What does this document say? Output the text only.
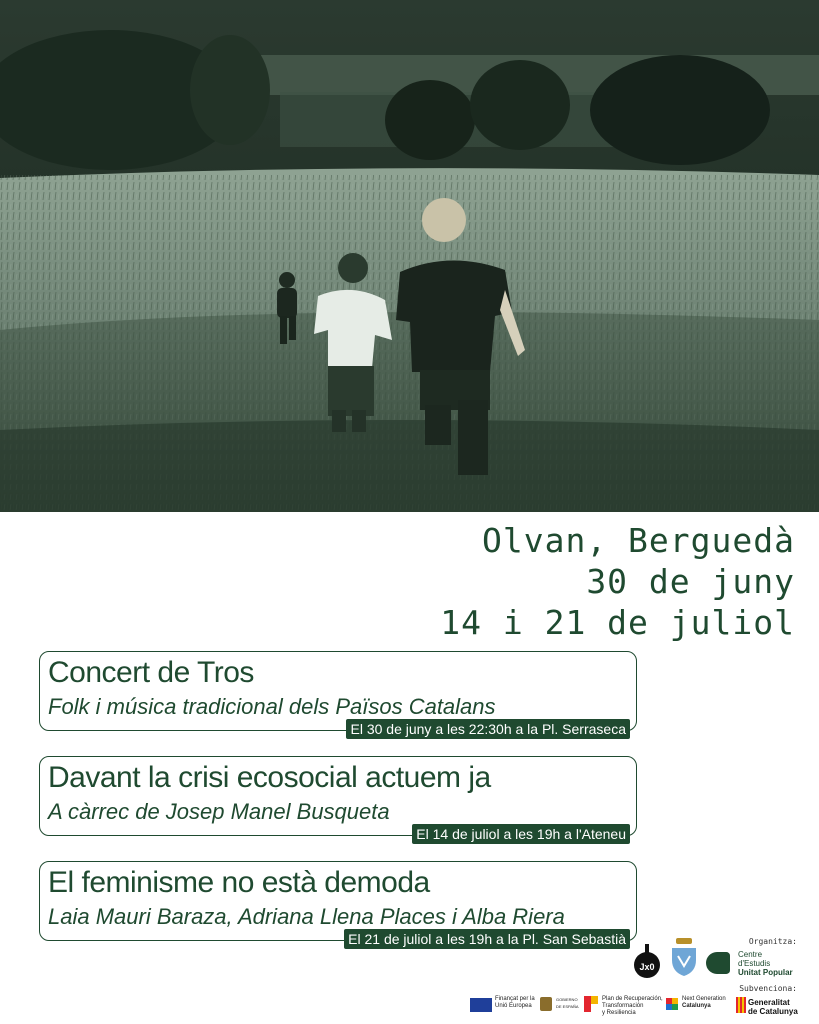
Olvan, Berguedà
30 de juny
14 i 21 de juliol
Concert de Tros
Folk i música tradicional dels Països Catalans
El 30 de juny a les 22:30h a la Pl. Serraseca
Davant la crisi ecosocial actuem ja
A càrrec de Josep Manel Busqueta
El 14 de juliol a les 19h a l'Ateneu
El feminisme no està demoda
Laia Mauri Baraza, Adriana Llena Places i Alba Riera
El 21 de juliol a les 19h a la Pl. San Sebastià	Organitza:
Jx0
Centre
d'Estudis
Unitat Popular
Subvenciona:
Finançat per la Unió Europea
GOBIERNO DE ESPAÑA
Plan de Recuperación,
Transformación
y Resiliencia
Next Generation
Catalunya	Generalitat
de Catalunya
